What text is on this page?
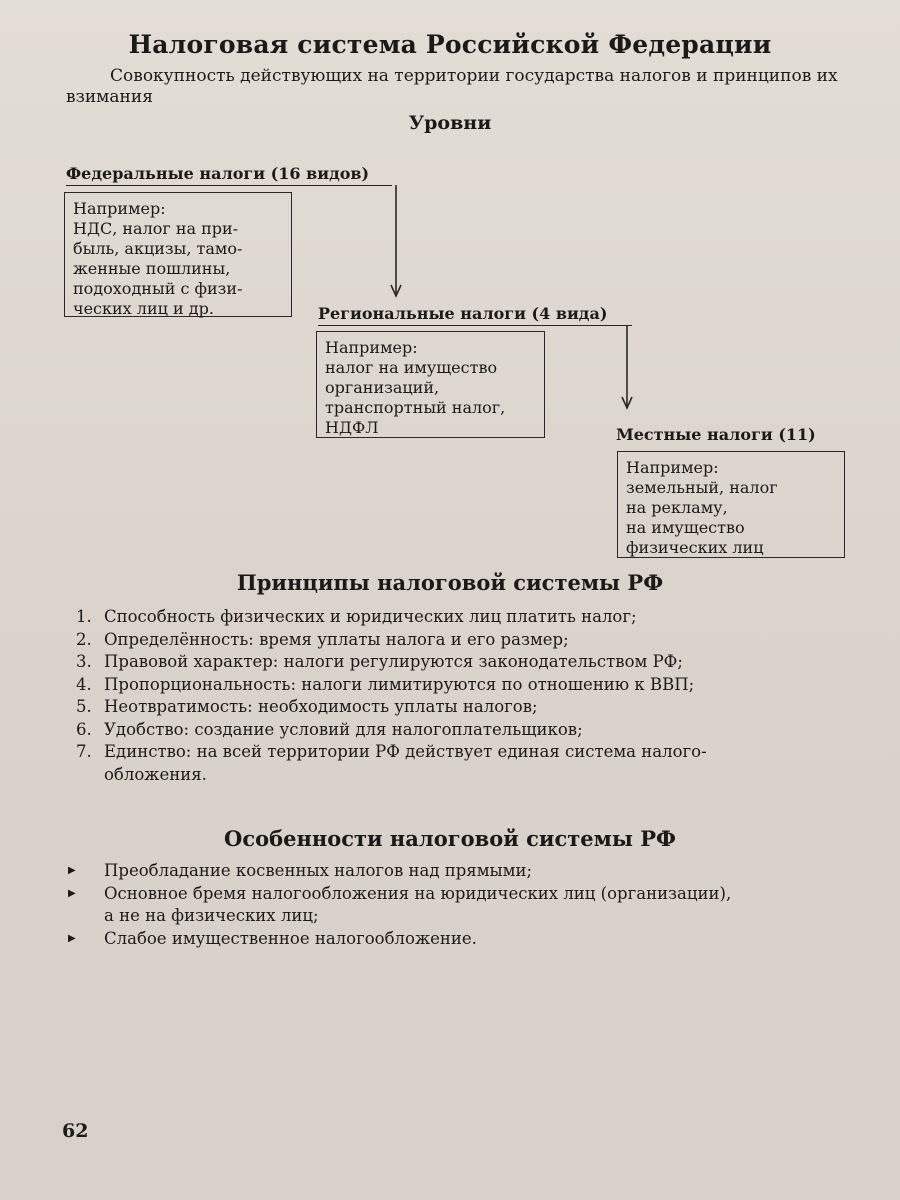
Налоговая система Российской Федерации
Совокупность действующих на территории государства налогов и принципов их взимания
Уровни
Федеральные налоги (16 видов)
Например:
НДС, налог на при-
быль, акцизы, тамо-
женные пошлины,
подоходный с физи-
ческих лиц и др.	Региональные налоги (4 вида)
Например:
налог на имущество
организаций,
транспортный налог,
НДФЛ	Местные налоги (11)
Например:
земельный, налог
на рекламу,
на имущество
физических лиц
Принципы налоговой системы РФ
1. Способность физических и юридических лиц платить налог;
2. Определённость: время уплаты налога и его размер;
3. Правовой характер: налоги регулируются законодательством РФ;
4. Пропорциональность: налоги лимитируются по отношению к ВВП;
5. Неотвратимость: необходимость уплаты налогов;
6. Удобство: создание условий для налогоплательщиков;
7. Единство: на всей территории РФ действует единая система налого-
обложения.
Особенности налоговой системы РФ
▶	Преобладание косвенных налогов над прямыми;
▶	Основное бремя налогообложения на юридических лиц (организации),
а не на физических лиц;
▶	Слабое имущественное налогообложение.
62
